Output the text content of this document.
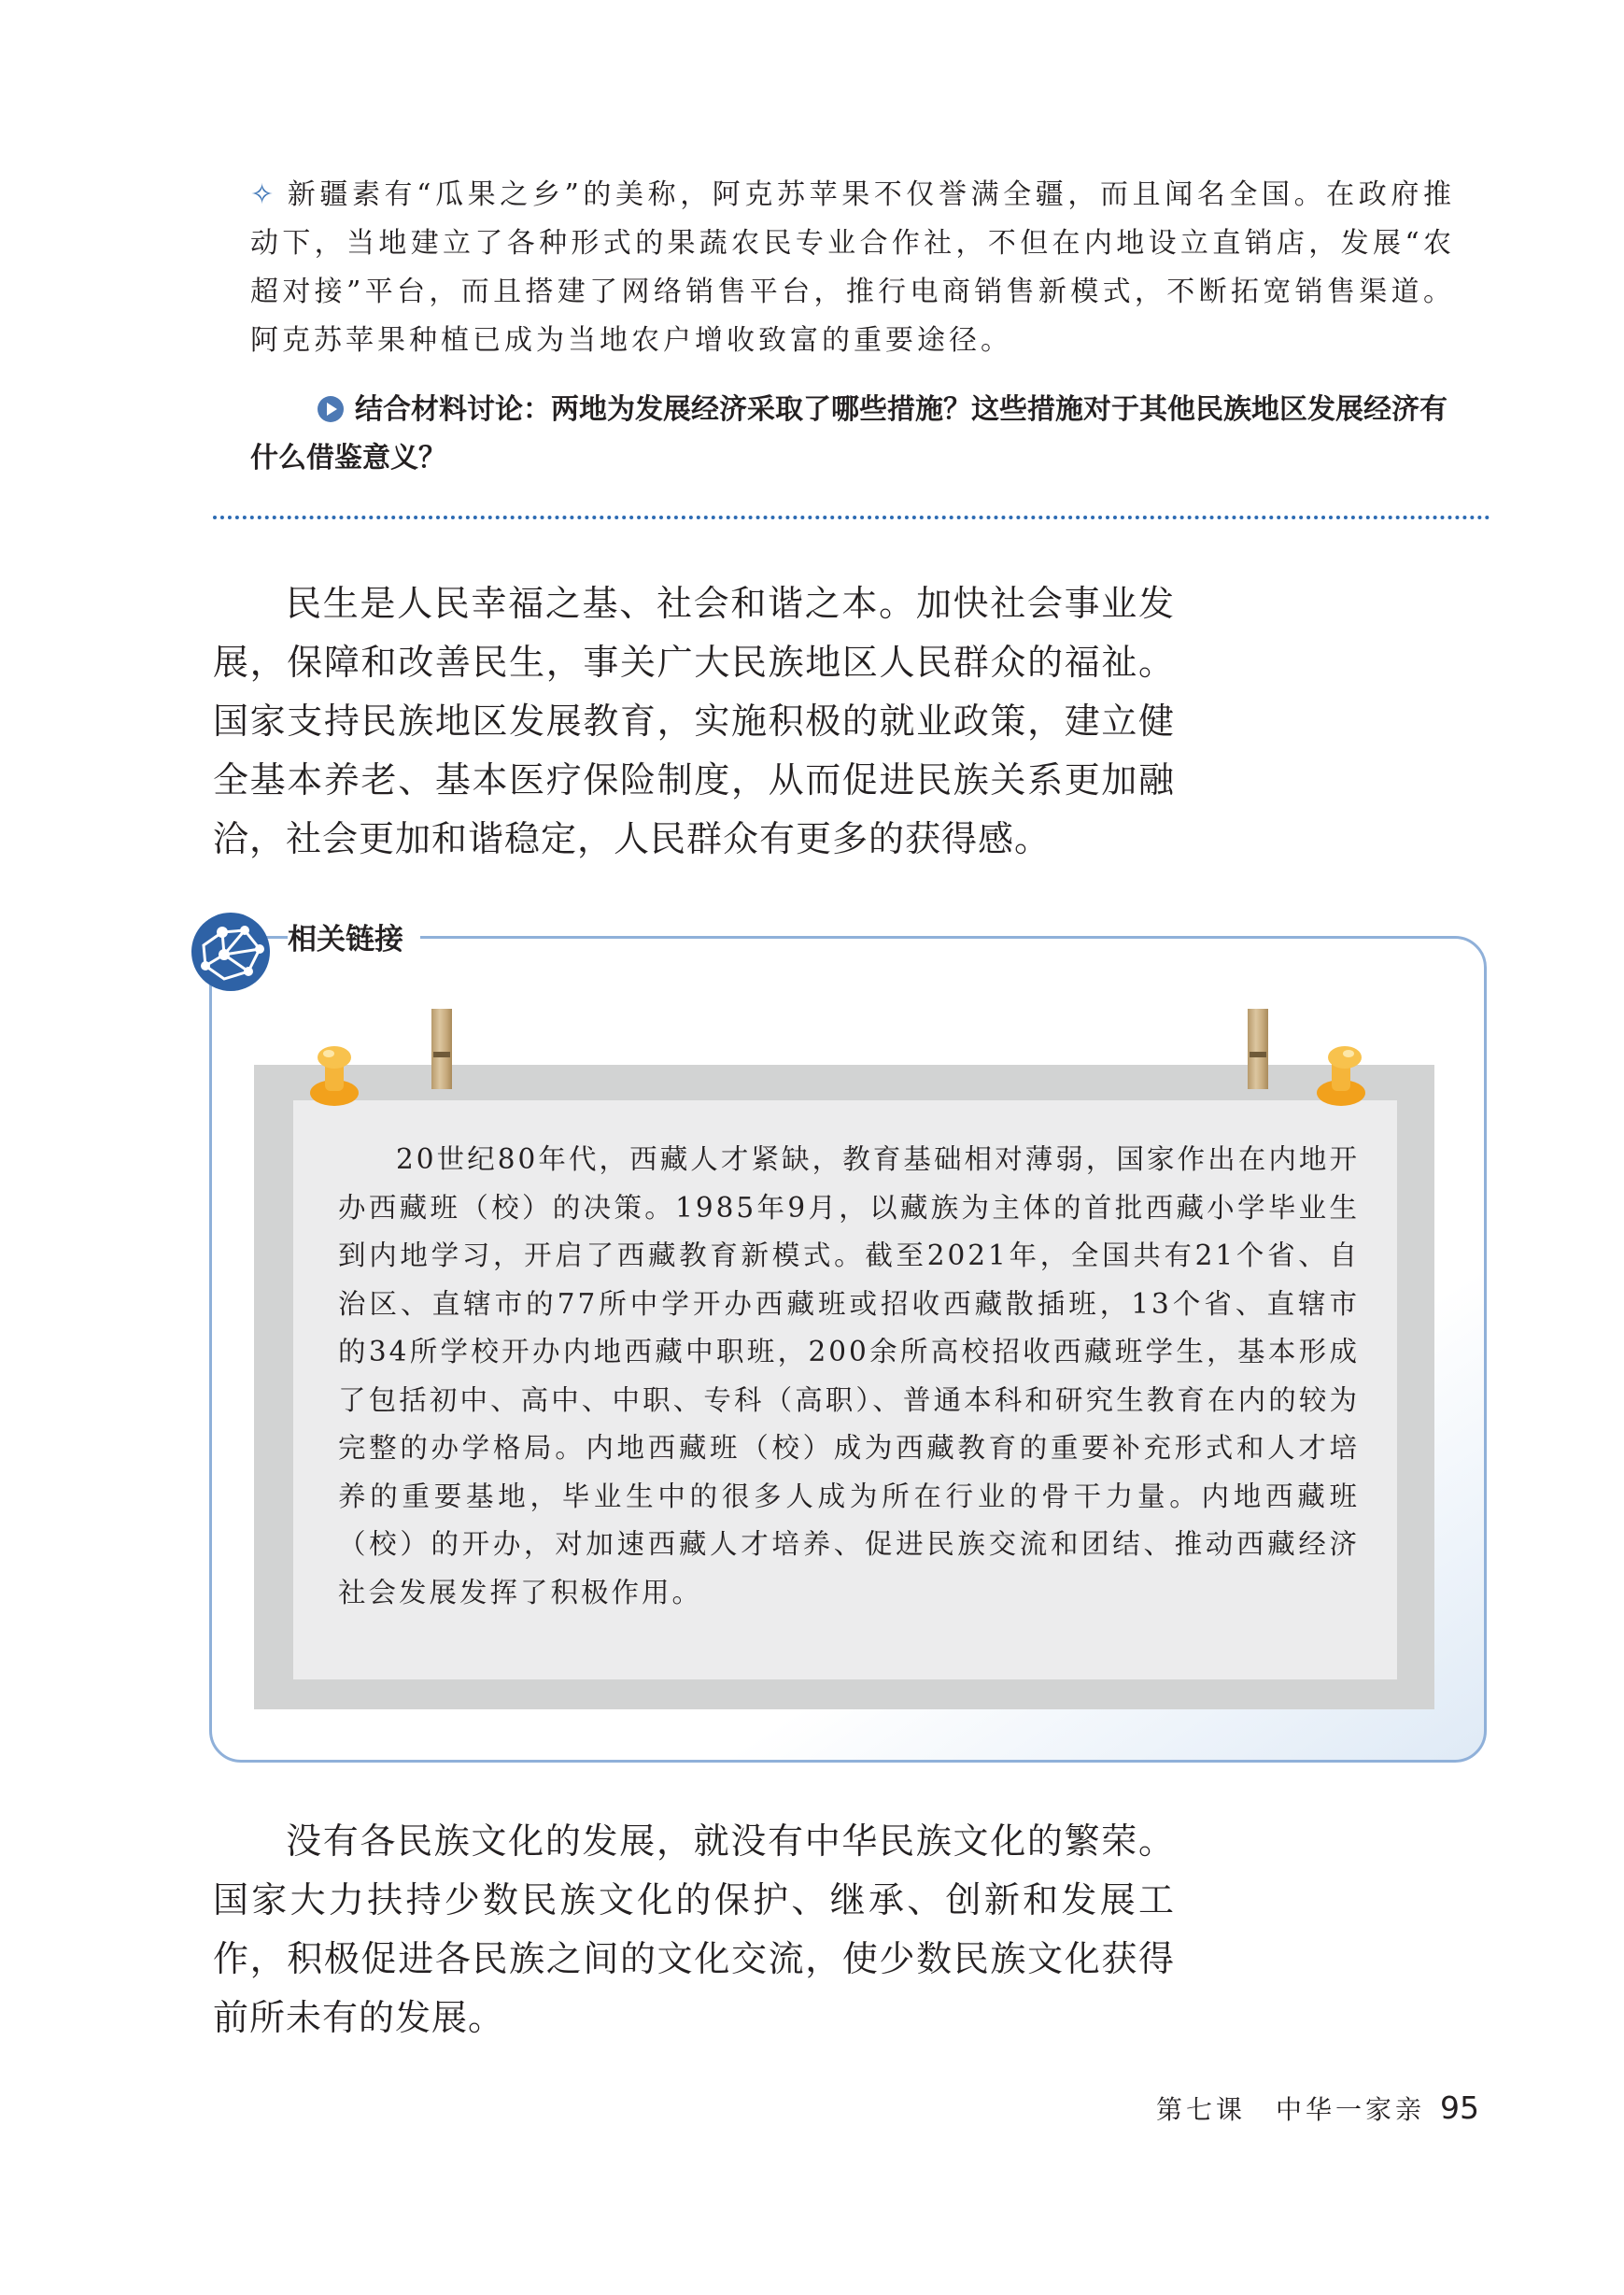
✧ 新疆素有“瓜果之乡”的美称，阿克苏苹果不仅誉满全疆，而且闻名全国。在政府推动下，当地建立了各种形式的果蔬农民专业合作社，不但在内地设立直销店，发展“农超对接”平台，而且搭建了网络销售平台，推行电商销售新模式，不断拓宽销售渠道。阿克苏苹果种植已成为当地农户增收致富的重要途径。
结合材料讨论：两地为发展经济采取了哪些措施？这些措施对于其他民族地区发展经济有什么借鉴意义？
民生是人民幸福之基、社会和谐之本。加快社会事业发展，保障和改善民生，事关广大民族地区人民群众的福祉。国家支持民族地区发展教育，实施积极的就业政策，建立健全基本养老、基本医疗保险制度，从而促进民族关系更加融洽，社会更加和谐稳定，人民群众有更多的获得感。
相关链接
20世纪80年代，西藏人才紧缺，教育基础相对薄弱，国家作出在内地开办西藏班（校）的决策。1985年9月，以藏族为主体的首批西藏小学毕业生到内地学习，开启了西藏教育新模式。截至2021年，全国共有21个省、自治区、直辖市的77所中学开办西藏班或招收西藏散插班，13个省、直辖市的34所学校开办内地西藏中职班，200余所高校招收西藏班学生，基本形成了包括初中、高中、中职、专科（高职）、普通本科和研究生教育在内的较为完整的办学格局。内地西藏班（校）成为西藏教育的重要补充形式和人才培养的重要基地，毕业生中的很多人成为所在行业的骨干力量。内地西藏班（校）的开办，对加速西藏人才培养、促进民族交流和团结、推动西藏经济社会发展发挥了积极作用。
没有各民族文化的发展，就没有中华民族文化的繁荣。国家大力扶持少数民族文化的保护、继承、创新和发展工作，积极促进各民族之间的文化交流，使少数民族文化获得前所未有的发展。
第七课　中华一家亲 95
